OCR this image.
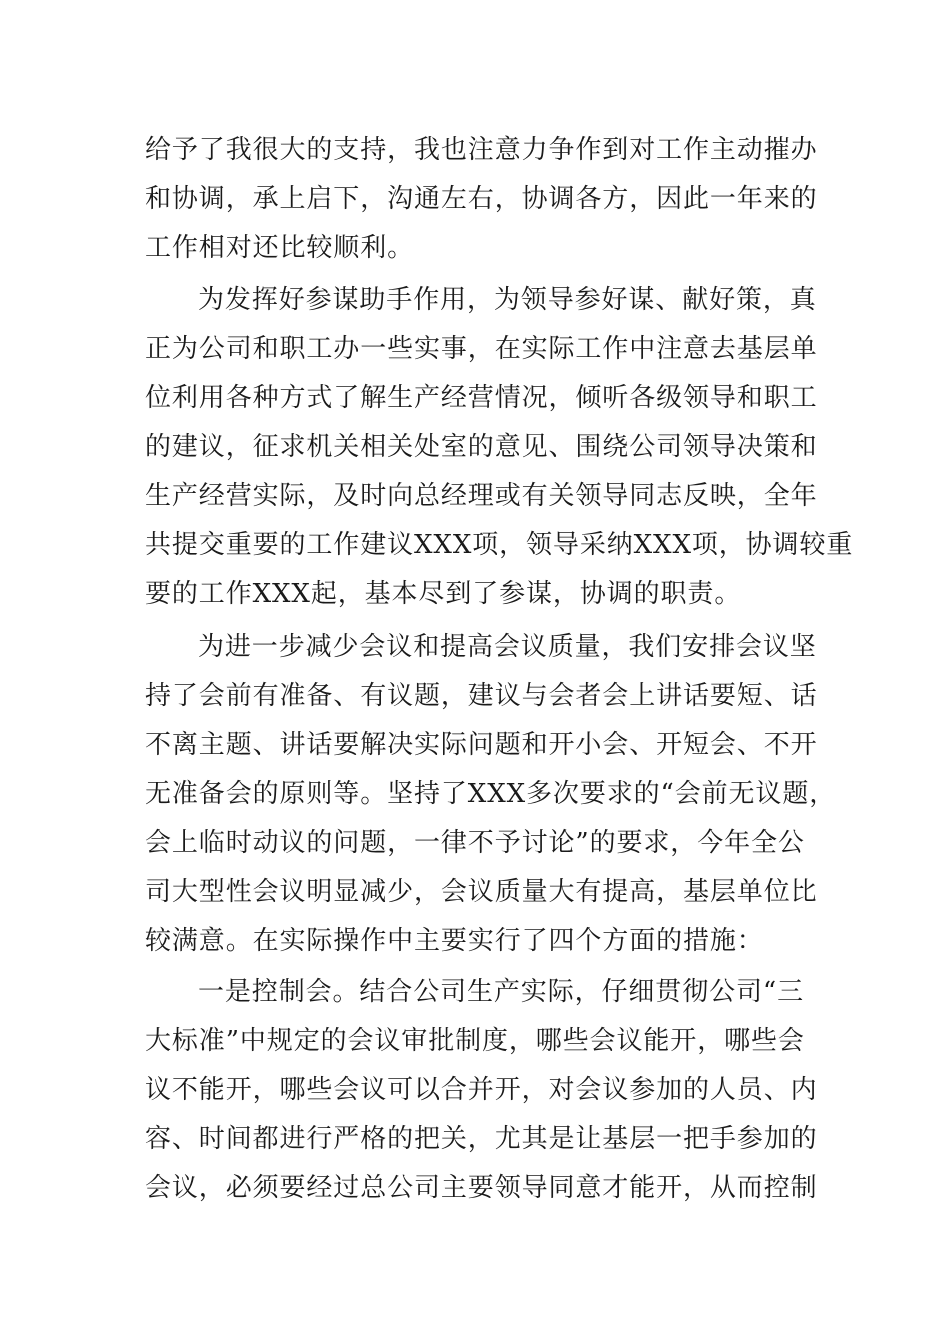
给予了我很大的支持，我也注意力争作到对工作主动摧办
和协调，承上启下，沟通左右，协调各方，因此一年来的
工作相对还比较顺利。
为发挥好参谋助手作用，为领导参好谋、献好策，真
正为公司和职工办一些实事，在实际工作中注意去基层单
位利用各种方式了解生产经营情况，倾听各级领导和职工
的建议，征求机关相关处室的意见、围绕公司领导决策和
生产经营实际，及时向总经理或有关领导同志反映，全年
共提交重要的工作建议XXX项，领导采纳XXX项，协调较重
要的工作XXX起，基本尽到了参谋，协调的职责。
为进一步减少会议和提高会议质量，我们安排会议坚
持了会前有准备、有议题，建议与会者会上讲话要短、话
不离主题、讲话要解决实际问题和开小会、开短会、不开
无准备会的原则等。坚持了XXX多次要求的“会前无议题，
会上临时动议的问题，一律不予讨论”的要求，今年全公
司大型性会议明显减少，会议质量大有提高，基层单位比
较满意。在实际操作中主要实行了四个方面的措施：
一是控制会。结合公司生产实际，仔细贯彻公司“三
大标准”中规定的会议审批制度，哪些会议能开，哪些会
议不能开，哪些会议可以合并开，对会议参加的人员、内
容、时间都进行严格的把关，尤其是让基层一把手参加的
会议，必须要经过总公司主要领导同意才能开，从而控制
